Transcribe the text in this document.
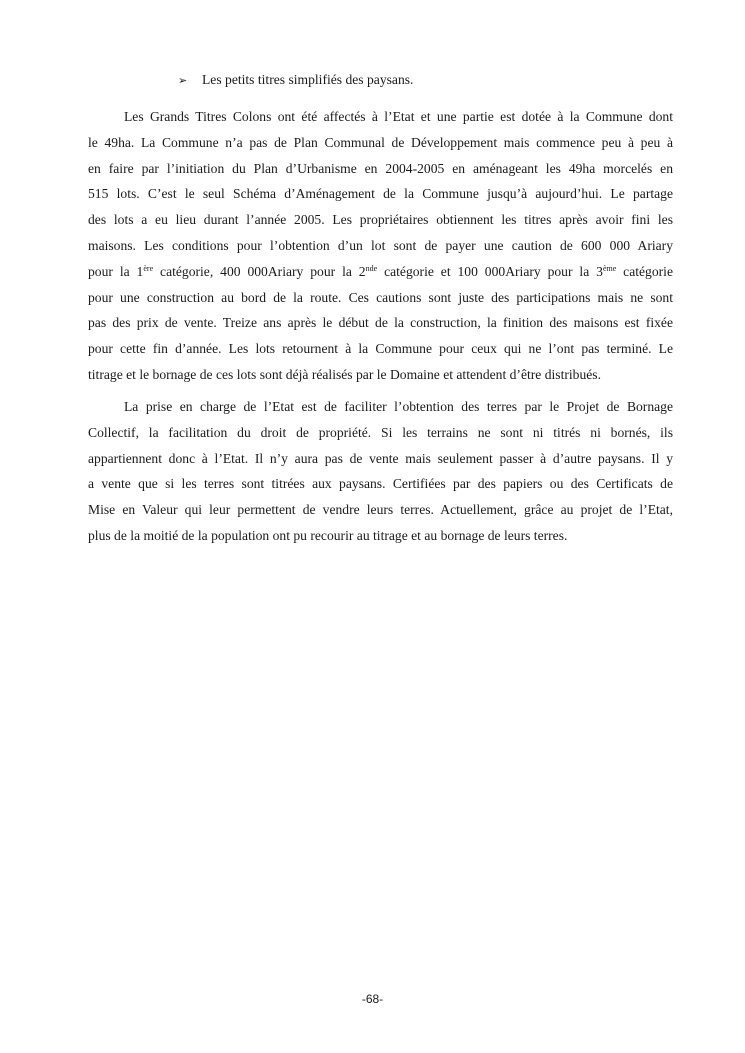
➢ Les petits titres simplifiés des paysans.
Les Grands Titres Colons ont été affectés à l’Etat et une partie est dotée à la Commune dont
le 49ha. La Commune n’a pas de Plan Communal de Développement mais commence peu à peu à
en faire par l’initiation du Plan d’Urbanisme en 2004-2005 en aménageant les 49ha morcelés en
515 lots. C’est le seul Schéma d’Aménagement de la Commune jusqu’à aujourd’hui. Le partage
des lots a eu lieu durant l’année 2005. Les propriétaires obtiennent les titres après avoir fini les
maisons. Les conditions pour l’obtention d’un lot sont de payer une caution de 600 000 Ariary
pour la 1ère catégorie, 400 000Ariary pour la 2nde catégorie et 100 000Ariary pour la 3ème catégorie
pour une construction au bord de la route. Ces cautions sont juste des participations mais ne sont
pas des prix de vente. Treize ans après le début de la construction, la finition des maisons est fixée
pour cette fin d’année. Les lots retournent à la Commune pour ceux qui ne l’ont pas terminé. Le
titrage et le bornage de ces lots sont déjà réalisés par le Domaine et attendent d’être distribués.
La prise en charge de l’Etat est de faciliter l’obtention des terres par le Projet de Bornage
Collectif, la facilitation du droit de propriété. Si les terrains ne sont ni titrés ni bornés, ils
appartiennent donc à l’Etat. Il n’y aura pas de vente mais seulement passer à d’autre paysans. Il y
a vente que si les terres sont titrées aux paysans. Certifiées par des papiers ou des Certificats de
Mise en Valeur qui leur permettent de vendre leurs terres. Actuellement, grâce au projet de l’Etat,
plus de la moitié de la population ont pu recourir au titrage et au bornage de leurs terres.
-68-
